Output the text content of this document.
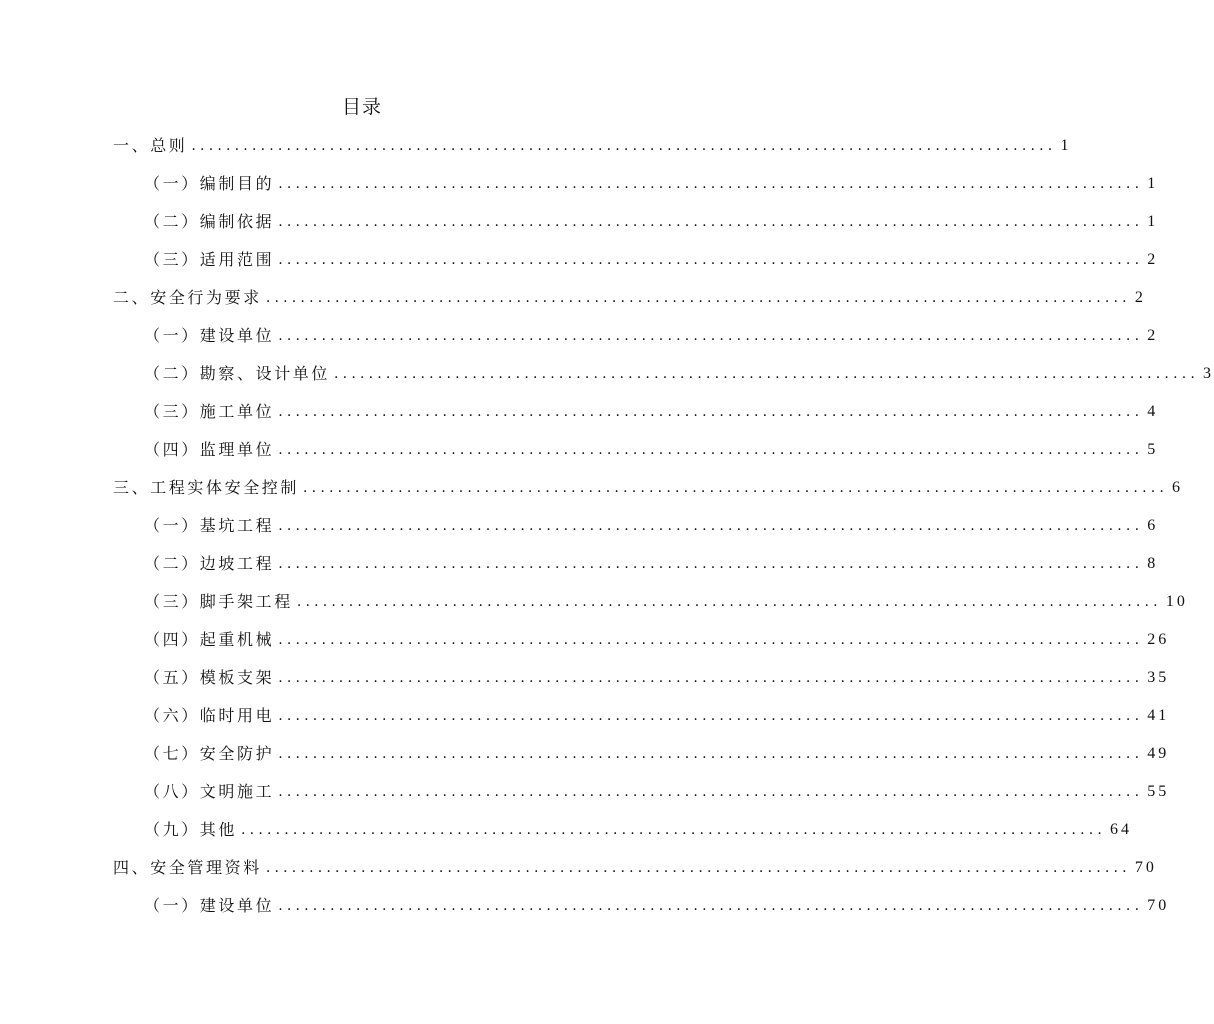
目录
一、总则 .................................................................................................... 1
（一）编制目的 .................................................................................................... 1
（二）编制依据 .................................................................................................... 1
（三）适用范围 .................................................................................................... 2
二、安全行为要求 .................................................................................................... 2
（一）建设单位 .................................................................................................... 2
（二）勘察、设计单位 .................................................................................................... 3
（三）施工单位 .................................................................................................... 4
（四）监理单位 .................................................................................................... 5
三、工程实体安全控制 .................................................................................................... 6
（一）基坑工程 .................................................................................................... 6
（二）边坡工程 .................................................................................................... 8
（三）脚手架工程 .................................................................................................... 10
（四）起重机械 .................................................................................................... 26
（五）模板支架 .................................................................................................... 35
（六）临时用电 .................................................................................................... 41
（七）安全防护 .................................................................................................... 49
（八）文明施工 .................................................................................................... 55
（九）其他 .................................................................................................... 64
四、安全管理资料 .................................................................................................... 70
（一）建设单位 .................................................................................................... 70
